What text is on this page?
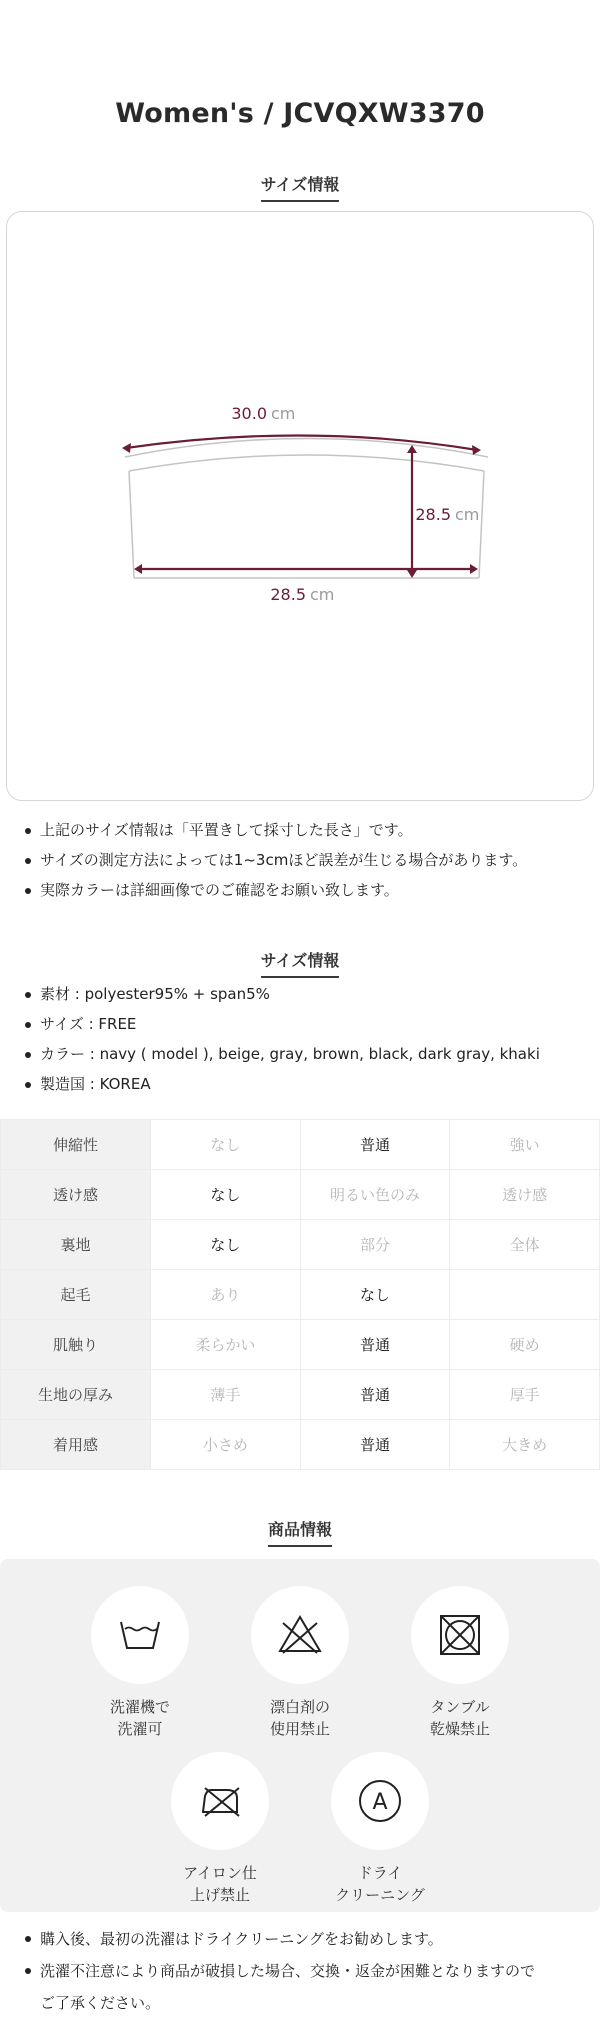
Women's / JCVQXW3370
サイズ情報
30.0 cm
28.5 cm
28.5 cm
上記のサイズ情報は「平置きして採寸した長さ」です。
サイズの測定方法によっては1~3cmほど誤差が生じる場合があります。
実際カラーは詳細画像でのご確認をお願い致します。
サイズ情報
素材 : polyester95% + span5%
サイズ : FREE
カラー : navy ( model ), beige, gray, brown, black, dark gray, khaki
製造国 : KOREA
伸縮性	なし	普通	強い
透け感	なし	明るい色のみ	透け感
裏地	なし	部分	全体
起毛	あり	なし	
肌触り	柔らかい	普通	硬め
生地の厚み	薄手	普通	厚手
着用感	小さめ	普通	大きめ
商品情報
洗濯機で
洗濯可
漂白剤の
使用禁止
タンブル
乾燥禁止
アイロン仕
上げ禁止
A
ドライ
クリーニング
購入後、最初の洗濯はドライクリーニングをお勧めします。
洗濯不注意により商品が破損した場合、交換・返金が困難となりますので
ご了承ください。
